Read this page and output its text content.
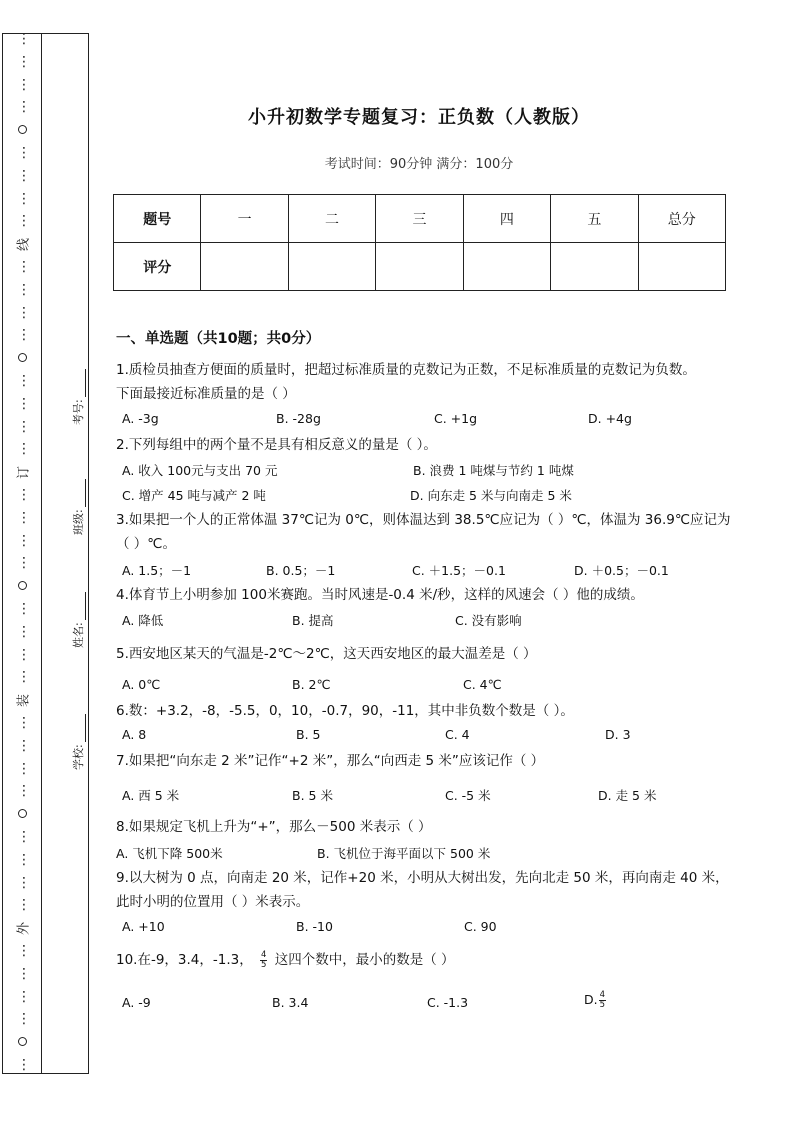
⋮
⋮
⋮
⋮
⋮
⋮
⋮
⋮
线
⋮
⋮
⋮
⋮
⋮
⋮
⋮
⋮
订
⋮
⋮
⋮
⋮
⋮
⋮
⋮
⋮
装
⋮
⋮
⋮
⋮
⋮
⋮
⋮
⋮
外
⋮
⋮
⋮
⋮
⋮
考号:
班级:
姓名:
学校:
小升初数学专题复习：正负数（人教版）
考试时间：90分钟 满分：100分
题号	一	二	三	四	五	总分
评分						
一、单选题（共10题；共0分）
1.质检员抽查方便面的质量时，把超过标准质量的克数记为正数，不足标准质量的克数记为负数。
下面最接近标准质量的是（ ）
A. -3g	B. -28g	C. +1g	D. +4g
2.下列每组中的两个量不是具有相反意义的量是（ ）。
A. 收入 100元与支出 70 元	B. 浪费 1 吨煤与节约 1 吨煤
C. 增产 45 吨与减产 2 吨	D. 向东走 5 米与向南走 5 米
3.如果把一个人的正常体温 37℃记为 0℃，则体温达到 38.5℃应记为（ ）℃，体温为 36.9℃应记为
（ ）℃。
A. 1.5；－1	B. 0.5；－1	C. ＋1.5；－0.1	D. ＋0.5；－0.1
4.体育节上小明参加 100米赛跑。当时风速是-0.4 米/秒，这样的风速会（ ）他的成绩。
A. 降低	B. 提高	C. 没有影响
5.西安地区某天的气温是-2℃～2℃，这天西安地区的最大温差是（ ）
A. 0℃	B. 2℃	C. 4℃
6.数：+3.2，-8，-5.5，0，10，-0.7，90，-11，其中非负数个数是（ ）。
A. 8	B. 5	C. 4	D. 3
7.如果把“向东走 2 米”记作“+2 米”，那么“向西走 5 米”应该记作（ ）
A. 西 5 米	B. 5 米	C. -5 米	D. 走 5 米
8.如果规定飞机上升为“+”，那么－500 米表示（ ）
A. 飞机下降 500米	B. 飞机位于海平面以下 500 米
9.以大树为 0 点，向南走 20 米，记作+20 米，小明从大树出发，先向北走 50 米，再向南走 40 米，
此时小明的位置用（ ）米表示。
A. +10	B. -10	C. 90
10.在-9，3.4，-1.3， $\frac{4}{5}$ 这四个数中，最小的数是（ ）
A. -9	B. 3.4	C. -1.3	D. $\frac{4}{5}$
